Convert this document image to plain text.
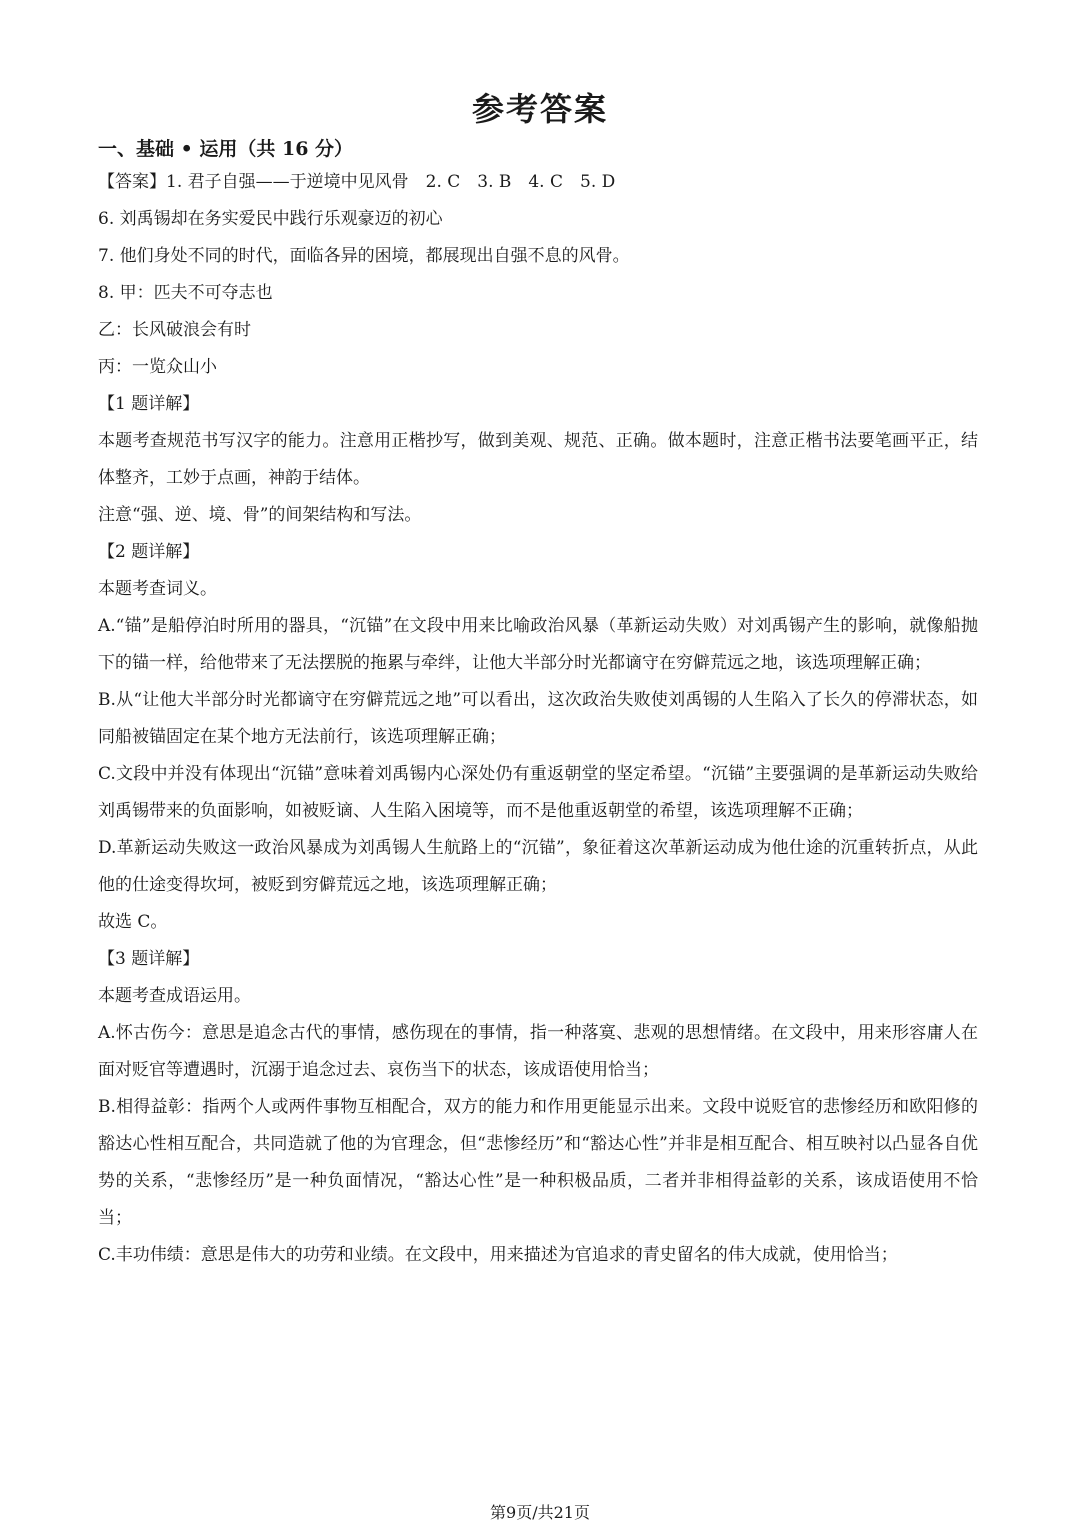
参考答案
一、基础 • 运用（共 16 分）

【答案】1. 君子自强——于逆境中见风骨　2. C　3. B　4. C　5. D

6. 刘禹锡却在务实爱民中践行乐观豪迈的初心

7. 他们身处不同的时代，面临各异的困境，都展现出自强不息的风骨。

8. 甲：匹夫不可夺志也

乙：长风破浪会有时

丙：一览众山小

【1 题详解】

本题考查规范书写汉字的能力。注意用正楷抄写，做到美观、规范、正确。做本题时，注意正楷书法要笔画平正，结体整齐，工妙于点画，神韵于结体。

注意“强、逆、境、骨”的间架结构和写法。

【2 题详解】

本题考查词义。

A.“锚”是船停泊时所用的器具，“沉锚”在文段中用来比喻政治风暴（革新运动失败）对刘禹锡产生的影响，就像船抛下的锚一样，给他带来了无法摆脱的拖累与牵绊，让他大半部分时光都谪守在穷僻荒远之地，该选项理解正确；

B.从“让他大半部分时光都谪守在穷僻荒远之地”可以看出，这次政治失败使刘禹锡的人生陷入了长久的停滞状态，如同船被锚固定在某个地方无法前行，该选项理解正确；

C.文段中并没有体现出“沉锚”意味着刘禹锡内心深处仍有重返朝堂的坚定希望。“沉锚”主要强调的是革新运动失败给刘禹锡带来的负面影响，如被贬谪、人生陷入困境等，而不是他重返朝堂的希望，该选项理解不正确；

D.革新运动失败这一政治风暴成为刘禹锡人生航路上的“沉锚”，象征着这次革新运动成为他仕途的沉重转折点，从此他的仕途变得坎坷，被贬到穷僻荒远之地，该选项理解正确；

故选 C。

【3 题详解】

本题考查成语运用。

A.怀古伤今：意思是追念古代的事情，感伤现在的事情，指一种落寞、悲观的思想情绪。在文段中，用来形容庸人在面对贬官等遭遇时，沉溺于追念过去、哀伤当下的状态，该成语使用恰当；

B.相得益彰：指两个人或两件事物互相配合，双方的能力和作用更能显示出来。文段中说贬官的悲惨经历和欧阳修的豁达心性相互配合，共同造就了他的为官理念，但“悲惨经历”和“豁达心性”并非是相互配合、相互映衬以凸显各自优势的关系，“悲惨经历”是一种负面情况，“豁达心性”是一种积极品质，二者并非相得益彰的关系，该成语使用不恰当；

C.丰功伟绩：意思是伟大的功劳和业绩。在文段中，用来描述为官追求的青史留名的伟大成就，使用恰当；

第9页/共21页
